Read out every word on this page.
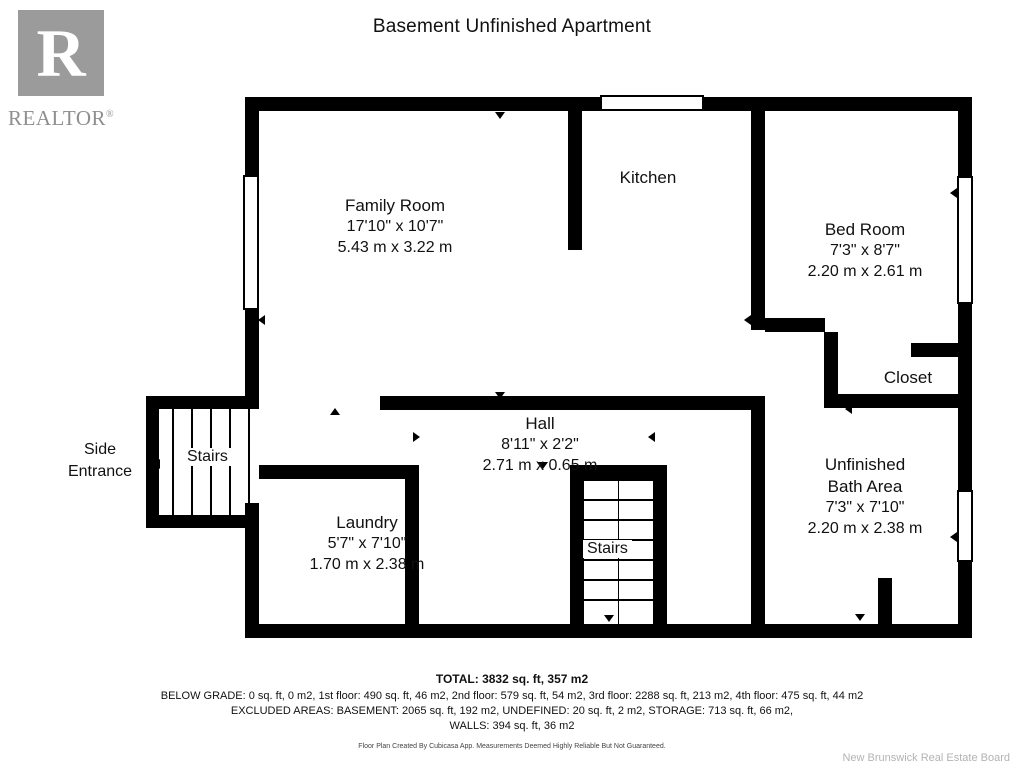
Basement Unfinished Apartment
R
REALTOR®
Stairs
Stairs
Family Room
17'10" x 10'7"
5.43 m x 3.22 m
Kitchen
Bed Room
7'3" x 8'7"
2.20 m x 2.61 m
Closet
Hall
8'11" x 2'2"
2.71 m x 0.65 m
Laundry
5'7" x 7'10"
1.70 m x 2.38 m
Unfinished
Bath Area
7'3" x 7'10"
2.20 m x 2.38 m
Side
Entrance
TOTAL: 3832 sq. ft, 357 m2
BELOW GRADE: 0 sq. ft, 0 m2, 1st floor: 490 sq. ft, 46 m2, 2nd floor: 579 sq. ft, 54 m2, 3rd floor: 2288 sq. ft, 213 m2, 4th floor: 475 sq. ft, 44 m2
EXCLUDED AREAS: BASEMENT: 2065 sq. ft, 192 m2, UNDEFINED: 20 sq. ft, 2 m2, STORAGE: 713 sq. ft, 66 m2,
WALLS: 394 sq. ft, 36 m2
Floor Plan Created By Cubicasa App. Measurements Deemed Highly Reliable But Not Guaranteed.
New Brunswick Real Estate Board
